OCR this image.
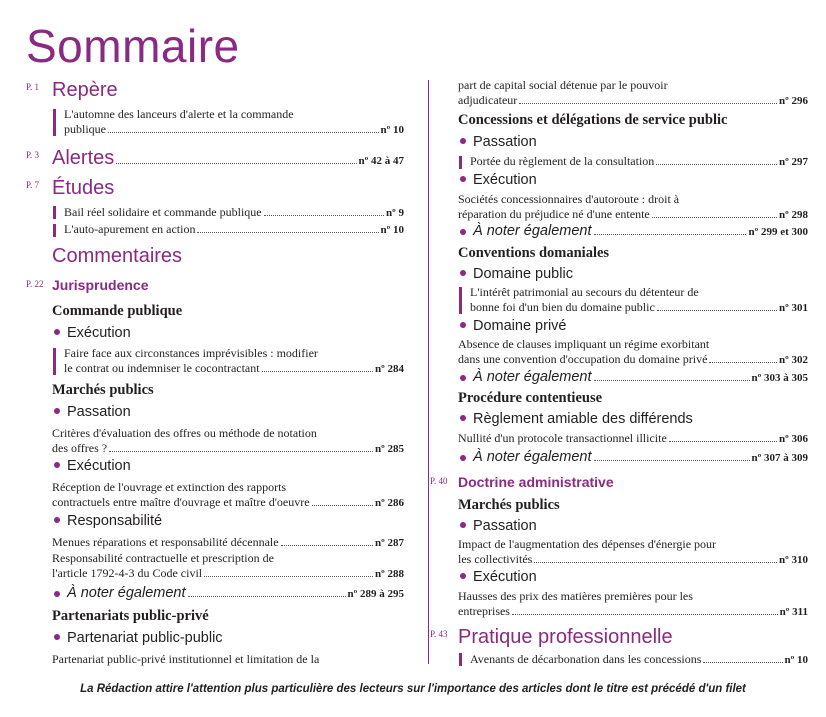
Sommaire
P. 1 Repère
L'automne des lanceurs d'alerte et la commande
publique	nº 10
P. 3 Alertes	nº 42 à 47
P. 7 Études
Bail réel solidaire et commande publique	nº 9
L'auto-apurement en action	nº 10
Commentaires
P. 22 Jurisprudence
Commande publique
Exécution
Faire face aux circonstances imprévisibles : modifier
le contrat ou indemniser le cocontractant	nº 284
Marchés publics
Passation
Critères d'évaluation des offres ou méthode de notation
des offres ?	nº 285
Exécution
Réception de l'ouvrage et extinction des rapports
contractuels entre maître d'ouvrage et maître d'oeuvre	nº 286
Responsabilité
Menues réparations et responsabilité décennale	nº 287
Responsabilité contractuelle et prescription de
l'article 1792-4-3 du Code civil	nº 288
À noter également	nº 289 à 295
Partenariats public-privé
Partenariat public-public
Partenariat public-privé institutionnel et limitation de la
part de capital social détenue par le pouvoir
adjudicateur	nº 296
Concessions et délégations de service public
Passation
Portée du règlement de la consultation	nº 297
Exécution
Sociétés concessionnaires d'autoroute : droit à
réparation du préjudice né d'une entente	nº 298
À noter également	nº 299 et 300
Conventions domaniales
Domaine public
L'intérêt patrimonial au secours du détenteur de
bonne foi d'un bien du domaine public	nº 301
Domaine privé
Absence de clauses impliquant un régime exorbitant
dans une convention d'occupation du domaine privé	nº 302
À noter également	nº 303 à 305
Procédure contentieuse
Règlement amiable des différends
Nullité d'un protocole transactionnel illicite	nº 306
À noter également	nº 307 à 309
P. 40 Doctrine administrative
Marchés publics
Passation
Impact de l'augmentation des dépenses d'énergie pour
les collectivités	nº 310
Exécution
Hausses des prix des matières premières pour les
entreprises	nº 311
P. 43 Pratique professionnelle
Avenants de décarbonation dans les concessions	nº 10
La Rédaction attire l'attention plus particulière des lecteurs sur l'importance des articles dont le titre est précédé d'un filet
